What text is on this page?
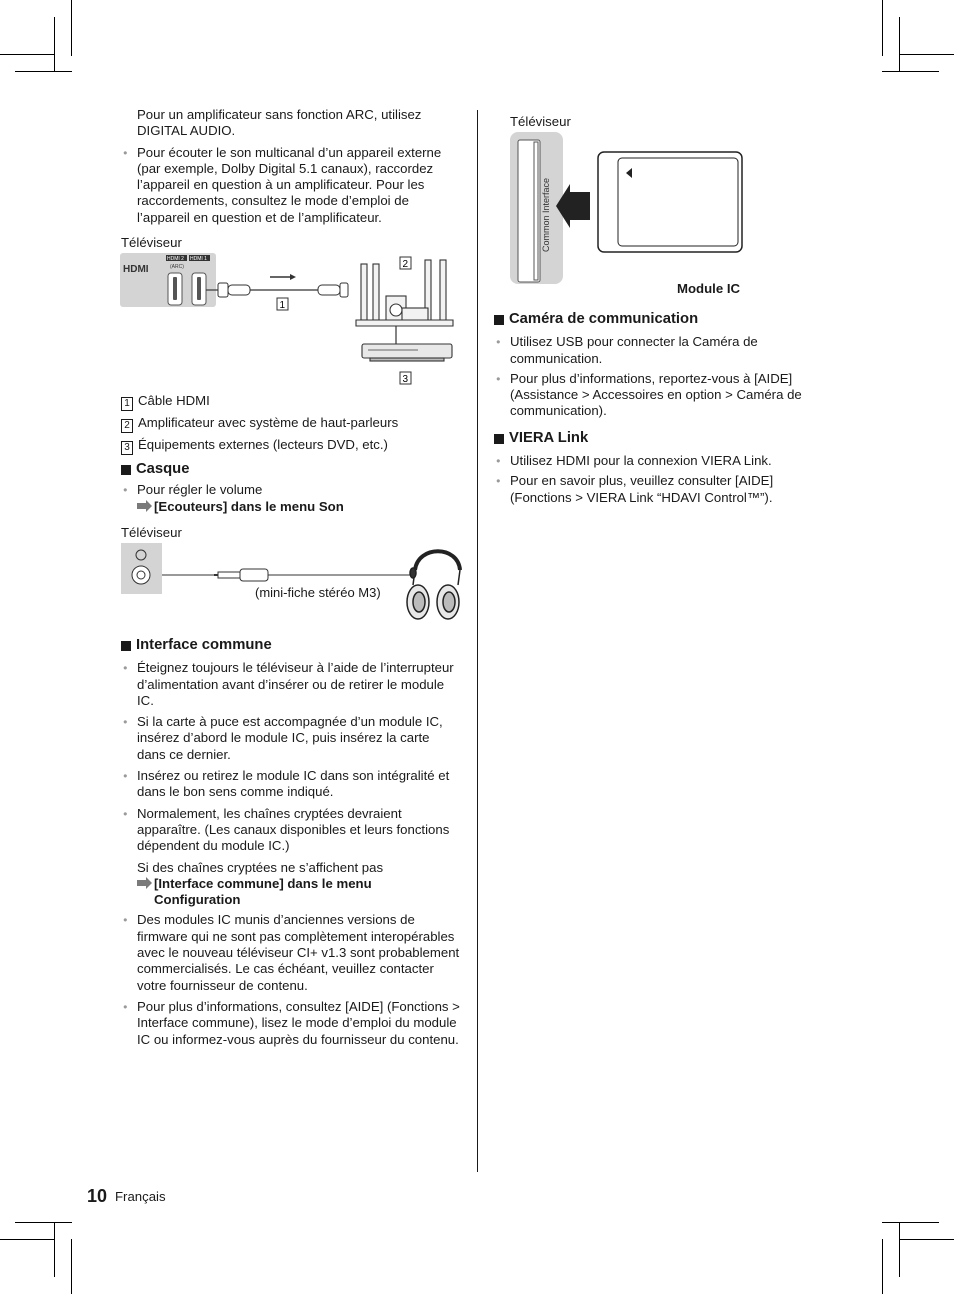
Pour un amplificateur sans fonction ARC, utilisez DIGITAL AUDIO.

● Pour écouter le son multicanal d’un appareil externe (par exemple, Dolby Digital 5.1 canaux), raccordez l’appareil en question à un amplificateur. Pour les raccordements, consultez le mode d’emploi de l’appareil en question et de l’amplificateur.

Téléviseur
HDMI
HDMI 2 HDMI 1
(ARC)
1
2
3
1 Câble HDMI
2 Amplificateur avec système de haut-parleurs
3 Équipements externes (lecteurs DVD, etc.)

Casque

● Pour régler le volume

[Ecouteurs] dans le menu Son

Téléviseur

(mini-fiche stéréo M3)

Interface commune

● Éteignez toujours le téléviseur à l’aide de l’interrupteur d’alimentation avant d’insérer ou de retirer le module IC.

● Si la carte à puce est accompagnée d’un module IC, insérez d’abord le module IC, puis insérez la carte dans ce dernier.

● Insérez ou retirez le module IC dans son intégralité et dans le bon sens comme indiqué.

● Normalement, les chaînes cryptées devraient apparaître. (Les canaux disponibles et leurs fonctions dépendent du module IC.)

Si des chaînes cryptées ne s’affichent pas

[Interface commune] dans le menu Configuration

● Des modules IC munis d’anciennes versions de firmware qui ne sont pas complètement interopérables avec le nouveau téléviseur CI+ v1.3 sont probablement commercialisés. Le cas échéant, veuillez contacter votre fournisseur de contenu.

● Pour plus d’informations, consultez [AIDE] (Fonctions > Interface commune), lisez le mode d’emploi du module IC ou informez-vous auprès du fournisseur du contenu.

Téléviseur
Common Interface
Module IC

Caméra de communication

● Utilisez USB pour connecter la Caméra de communication.

● Pour plus d’informations, reportez-vous à [AIDE] (Assistance > Accessoires en option > Caméra de communication).

VIERA Link

● Utilisez HDMI pour la connexion VIERA Link.

● Pour en savoir plus, veuillez consulter [AIDE] (Fonctions > VIERA Link “HDAVI Control™”).

10 Français
